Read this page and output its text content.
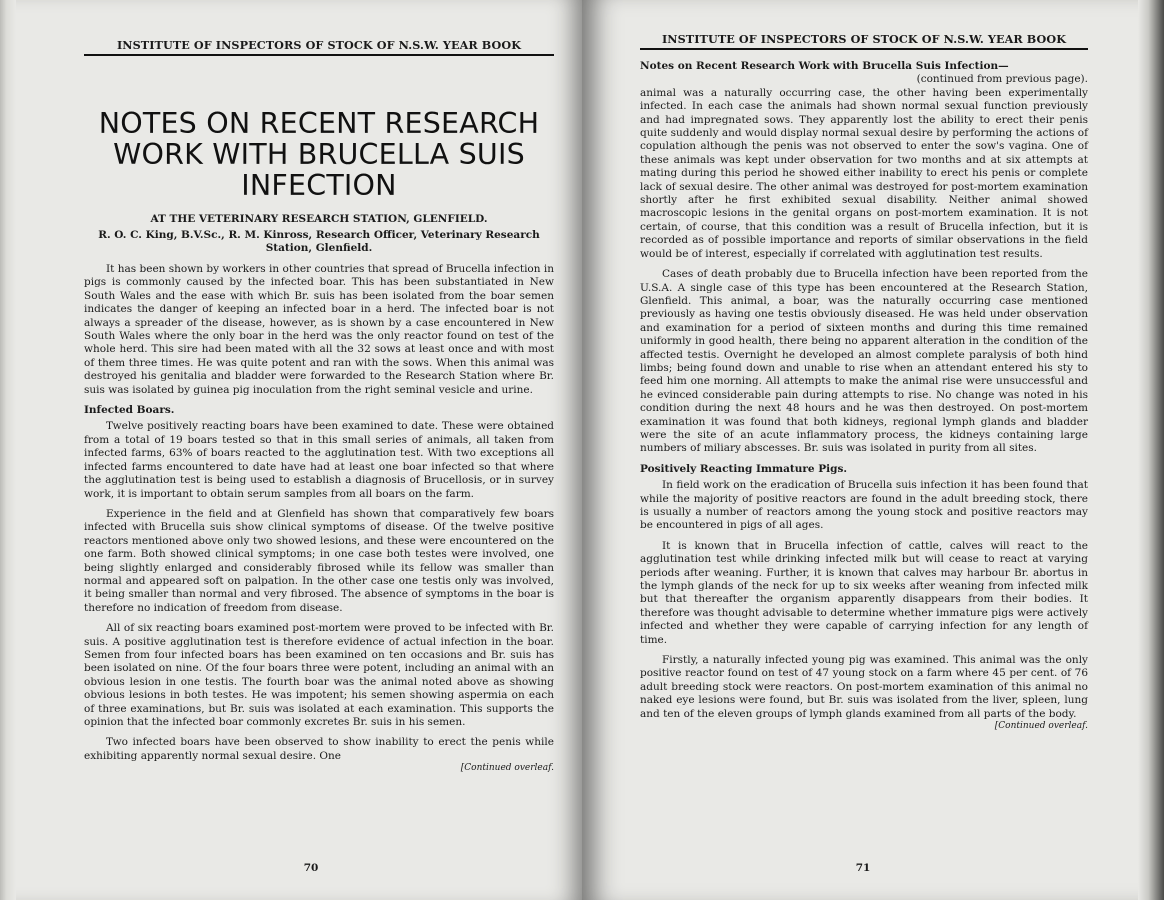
INSTITUTE OF INSPECTORS OF STOCK OF N.S.W. YEAR BOOK
NOTES ON RECENT RESEARCH WORK WITH BRUCELLA SUIS INFECTION
AT THE VETERINARY RESEARCH STATION, GLENFIELD.
R. O. C. King, B.V.Sc., R. M. Kinross, Research Officer, Veterinary Research Station, Glenfield.

It has been shown by workers in other countries that spread of Brucella infection in pigs is commonly caused by the infected boar. This has been substantiated in New South Wales and the ease with which Br. suis has been isolated from the boar semen indicates the danger of keeping an infected boar in a herd. The infected boar is not always a spreader of the disease, however, as is shown by a case encountered in New South Wales where the only boar in the herd was the only reactor found on test of the whole herd. This sire had been mated with all the 32 sows at least once and with most of them three times. He was quite potent and ran with the sows. When this animal was destroyed his genitalia and bladder were forwarded to the Research Station where Br. suis was isolated by guinea pig inoculation from the right seminal vesicle and urine.

Infected Boars.

Twelve positively reacting boars have been examined to date. These were obtained from a total of 19 boars tested so that in this small series of animals, all taken from infected farms, 63% of boars reacted to the agglutination test. With two exceptions all infected farms encountered to date have had at least one boar infected so that where the agglutination test is being used to establish a diagnosis of Brucellosis, or in survey work, it is important to obtain serum samples from all boars on the farm.

Experience in the field and at Glenfield has shown that comparatively few boars infected with Brucella suis show clinical symptoms of disease. Of the twelve positive reactors mentioned above only two showed lesions, and these were encountered on the one farm. Both showed clinical symptoms; in one case both testes were involved, one being slightly enlarged and considerably fibrosed while its fellow was smaller than normal and appeared soft on palpation. In the other case one testis only was involved, it being smaller than normal and very fibrosed. The absence of symptoms in the boar is therefore no indication of freedom from disease.

All of six reacting boars examined post-mortem were proved to be infected with Br. suis. A positive agglutination test is therefore evidence of actual infection in the boar. Semen from four infected boars has been examined on ten occasions and Br. suis has been isolated on nine. Of the four boars three were potent, including an animal with an obvious lesion in one testis. The fourth boar was the animal noted above as showing obvious lesions in both testes. He was impotent; his semen showing aspermia on each of three examinations, but Br. suis was isolated at each examination. This supports the opinion that the infected boar commonly excretes Br. suis in his semen.

Two infected boars have been observed to show inability to erect the penis while exhibiting apparently normal sexual desire. One

[Continued overleaf.
70
INSTITUTE OF INSPECTORS OF STOCK OF N.S.W. YEAR BOOK
Notes on Recent Research Work with Brucella Suis Infection—
(continued from previous page).

animal was a naturally occurring case, the other having been experimentally infected. In each case the animals had shown normal sexual function previously and had impregnated sows. They apparently lost the ability to erect their penis quite suddenly and would display normal sexual desire by performing the actions of copulation although the penis was not observed to enter the sow's vagina. One of these animals was kept under observation for two months and at six attempts at mating during this period he showed either inability to erect his penis or complete lack of sexual desire. The other animal was destroyed for post-mortem examination shortly after he first exhibited sexual disability. Neither animal showed macroscopic lesions in the genital organs on post-mortem examination. It is not certain, of course, that this condition was a result of Brucella infection, but it is recorded as of possible importance and reports of similar observations in the field would be of interest, especially if correlated with agglutination test results.

Cases of death probably due to Brucella infection have been reported from the U.S.A. A single case of this type has been encountered at the Research Station, Glenfield. This animal, a boar, was the naturally occurring case mentioned previously as having one testis obviously diseased. He was held under observation and examination for a period of sixteen months and during this time remained uniformly in good health, there being no apparent alteration in the condition of the affected testis. Overnight he developed an almost complete paralysis of both hind limbs; being found down and unable to rise when an attendant entered his sty to feed him one morning. All attempts to make the animal rise were unsuccessful and he evinced considerable pain during attempts to rise. No change was noted in his condition during the next 48 hours and he was then destroyed. On post-mortem examination it was found that both kidneys, regional lymph glands and bladder were the site of an acute inflammatory process, the kidneys containing large numbers of miliary abscesses. Br. suis was isolated in purity from all sites.

Positively Reacting Immature Pigs.

In field work on the eradication of Brucella suis infection it has been found that while the majority of positive reactors are found in the adult breeding stock, there is usually a number of reactors among the young stock and positive reactors may be encountered in pigs of all ages.

It is known that in Brucella infection of cattle, calves will react to the agglutination test while drinking infected milk but will cease to react at varying periods after weaning. Further, it is known that calves may harbour Br. abortus in the lymph glands of the neck for up to six weeks after weaning from infected milk but that thereafter the organism apparently disappears from their bodies. It therefore was thought advisable to determine whether immature pigs were actively infected and whether they were capable of carrying infection for any length of time.

Firstly, a naturally infected young pig was examined. This animal was the only positive reactor found on test of 47 young stock on a farm where 45 per cent. of 76 adult breeding stock were reactors. On post-mortem examination of this animal no naked eye lesions were found, but Br. suis was isolated from the liver, spleen, lung and ten of the eleven groups of lymph glands examined from all parts of the body.

[Continued overleaf.
71
